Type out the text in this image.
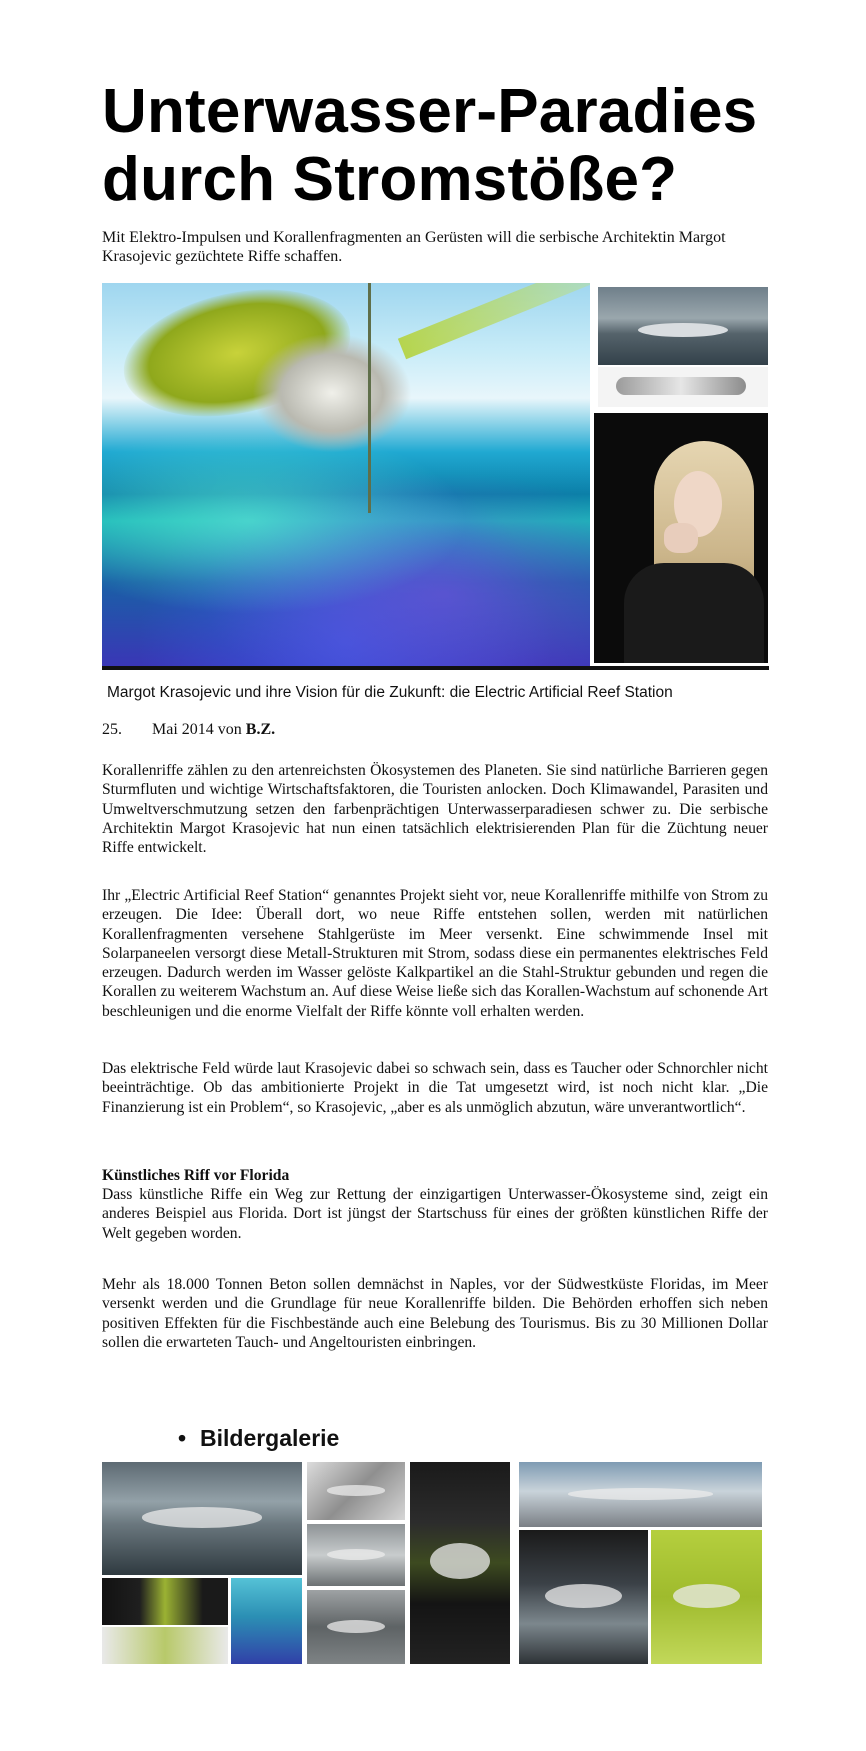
Unterwasser-Paradies durch Stromstöße?

Mit Elektro-Impulsen und Korallenfragmenten an Gerüsten will die serbische Architektin Margot Krasojevic gezüchtete Riffe schaffen.

Margot Krasojevic und ihre Vision für die Zukunft: die Electric Artificial Reef Station

25. Mai 2014 von B.Z.

Korallenriffe zählen zu den artenreichsten Ökosystemen des Planeten. Sie sind natürliche Barrieren gegen Sturmfluten und wichtige Wirtschaftsfaktoren, die Touristen anlocken. Doch Klimawandel, Parasiten und Umweltverschmutzung setzen den farbenprächtigen Unterwasserparadiesen schwer zu. Die serbische Architektin Margot Krasojevic hat nun einen tatsächlich elektrisierenden Plan für die Züchtung neuer Riffe entwickelt.

Ihr „Electric Artificial Reef Station“ genanntes Projekt sieht vor, neue Korallenriffe mithilfe von Strom zu erzeugen. Die Idee: Überall dort, wo neue Riffe entstehen sollen, werden mit natürlichen Korallenfragmenten versehene Stahlgerüste im Meer versenkt. Eine schwimmende Insel mit Solarpaneelen versorgt diese Metall-Strukturen mit Strom, sodass diese ein permanentes elektrisches Feld erzeugen. Dadurch werden im Wasser gelöste Kalkpartikel an die Stahl-Struktur gebunden und regen die Korallen zu weiterem Wachstum an. Auf diese Weise ließe sich das Korallen-Wachstum auf schonende Art beschleunigen und die enorme Vielfalt der Riffe könnte voll erhalten werden.

Das elektrische Feld würde laut Krasojevic dabei so schwach sein, dass es Taucher oder Schnorchler nicht beeinträchtige. Ob das ambitionierte Projekt in die Tat umgesetzt wird, ist noch nicht klar. „Die Finanzierung ist ein Problem“, so Krasojevic, „aber es als unmöglich abzutun, wäre unverantwortlich“.

Künstliches Riff vor Florida

Dass künstliche Riffe ein Weg zur Rettung der einzigartigen Unterwasser-Ökosysteme sind, zeigt ein anderes Beispiel aus Florida. Dort ist jüngst der Startschuss für eines der größten künstlichen Riffe der Welt gegeben worden.

Mehr als 18.000 Tonnen Beton sollen demnächst in Naples, vor der Südwestküste Floridas, im Meer versenkt werden und die Grundlage für neue Korallenriffe bilden. Die Behörden erhoffen sich neben positiven Effekten für die Fischbestände auch eine Belebung des Tourismus. Bis zu 30 Millionen Dollar sollen die erwarteten Tauch- und Angeltouristen einbringen.

• Bildergalerie
